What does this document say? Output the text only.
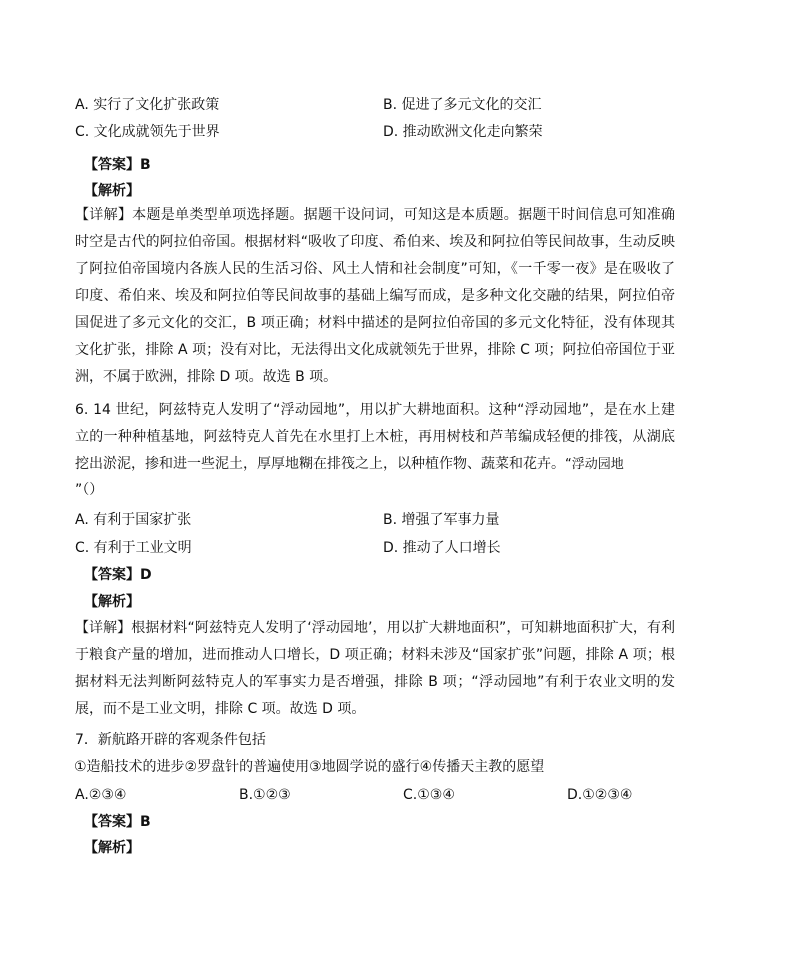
A. 实行了文化扩张政策	B. 促进了多元文化的交汇
C. 文化成就领先于世界	D. 推动欧洲文化走向繁荣
【答案】B
【解析】
【详解】本题是单类型单项选择题。据题干设问词，可知这是本质题。据题干时间信息可知准确时空是古代的阿拉伯帝国。根据材料“吸收了印度、希伯来、埃及和阿拉伯等民间故事，生动反映了阿拉伯帝国境内各族人民的生活习俗、风土人情和社会制度”可知，《一千零一夜》是在吸收了印度、希伯来、埃及和阿拉伯等民间故事的基础上编写而成，是多种文化交融的结果，阿拉伯帝国促进了多元文化的交汇，B 项正确；材料中描述的是阿拉伯帝国的多元文化特征，没有体现其文化扩张，排除 A 项；没有对比，无法得出文化成就领先于世界，排除 C 项；阿拉伯帝国位于亚洲，不属于欧洲，排除 D 项。故选 B 项。
6. 14 世纪，阿兹特克人发明了“浮动园地”，用以扩大耕地面积。这种“浮动园地”，是在水上建立的一种种植基地，阿兹特克人首先在水里打上木桩，再用树枝和芦苇编成轻便的排筏，从湖底挖出淤泥，掺和进一些泥土，厚厚地糊在排筏之上，以种植作物、蔬菜和花卉。“浮动园地
”（）
A. 有利于国家扩张	B. 增强了军事力量
C. 有利于工业文明	D. 推动了人口增长
【答案】D
【解析】
【详解】根据材料“阿兹特克人发明了‘浮动园地’，用以扩大耕地面积”，可知耕地面积扩大，有利于粮食产量的增加，进而推动人口增长，D 项正确；材料未涉及“国家扩张”问题，排除 A 项；根据材料无法判断阿兹特克人的军事实力是否增强，排除 B 项；“浮动园地”有利于农业文明的发展，而不是工业文明，排除 C 项。故选 D 项。
7．新航路开辟的客观条件包括
①造船技术的进步②罗盘针的普遍使用③地圆学说的盛行④传播天主教的愿望
A.②③④	B.①②③	C.①③④	D.①②③④
【答案】B
【解析】
